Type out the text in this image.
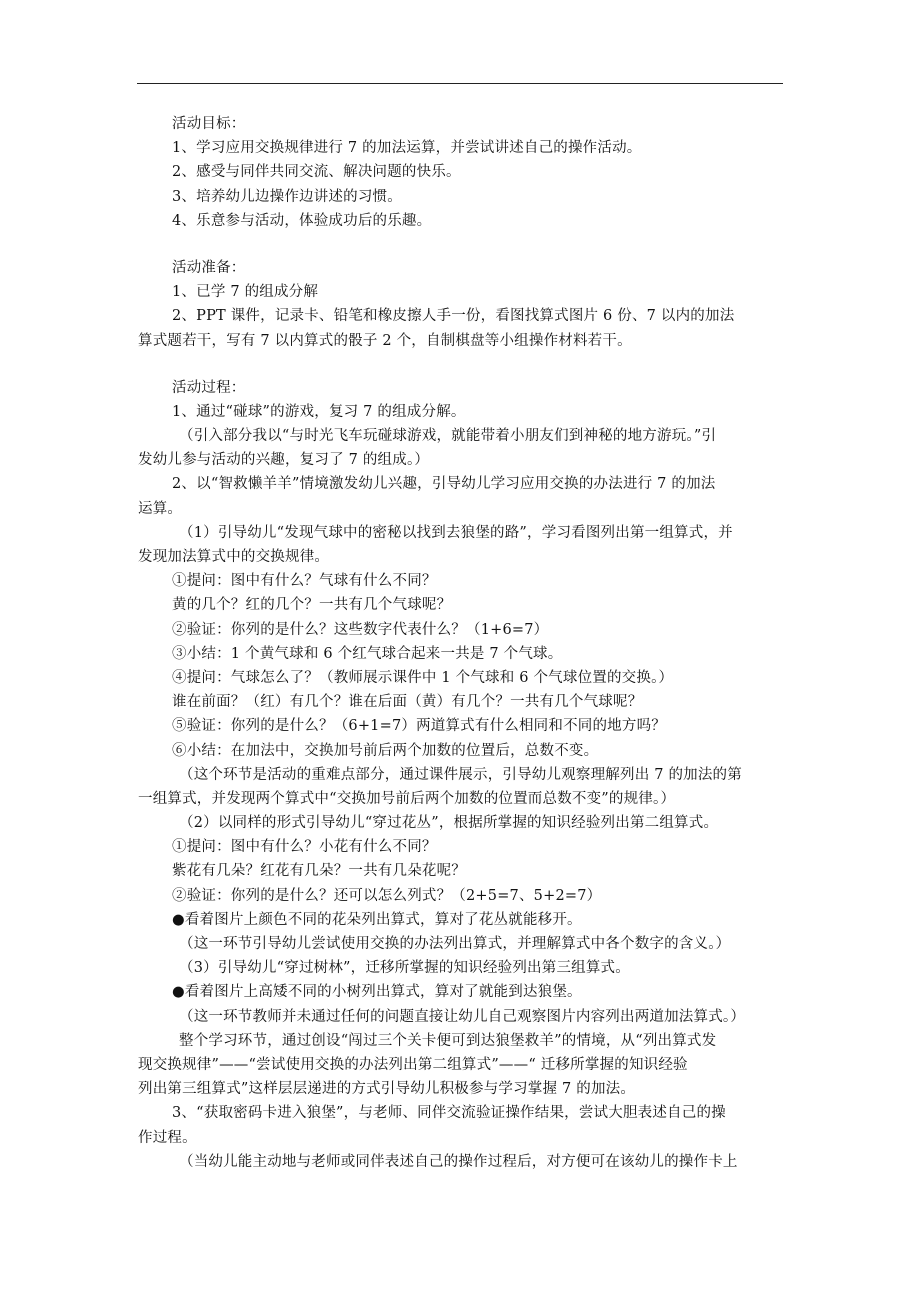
活动目标：
1、学习应用交换规律进行 7 的加法运算，并尝试讲述自己的操作活动。
2、感受与同伴共同交流、解决问题的快乐。
3、培养幼儿边操作边讲述的习惯。
4、乐意参与活动，体验成功后的乐趣。
活动准备：
1、已学 7 的组成分解
2、PPT 课件，记录卡、铅笔和橡皮擦人手一份，看图找算式图片 6 份、7 以内的加法
算式题若干，写有 7 以内算式的骰子 2 个，自制棋盘等小组操作材料若干。
活动过程：
1、通过“碰球”的游戏，复习 7 的组成分解。
（引入部分我以“与时光飞车玩碰球游戏，就能带着小朋友们到神秘的地方游玩。”引
发幼儿参与活动的兴趣，复习了 7 的组成。）
2、以“智救懒羊羊”情境激发幼儿兴趣，引导幼儿学习应用交换的办法进行 7 的加法
运算。
（1）引导幼儿“发现气球中的密秘以找到去狼堡的路”，学习看图列出第一组算式，并
发现加法算式中的交换规律。
①提问：图中有什么？气球有什么不同？
黄的几个？红的几个？一共有几个气球呢？
②验证：你列的是什么？这些数字代表什么？（1+6=7）
③小结：1 个黄气球和 6 个红气球合起来一共是 7 个气球。
④提问：气球怎么了？（教师展示课件中 1 个气球和 6 个气球位置的交换。）
谁在前面？（红）有几个？谁在后面（黄）有几个？一共有几个气球呢？
⑤验证：你列的是什么？（6+1=7）两道算式有什么相同和不同的地方吗？
⑥小结：在加法中，交换加号前后两个加数的位置后，总数不变。
（这个环节是活动的重难点部分，通过课件展示，引导幼儿观察理解列出 7 的加法的第
一组算式，并发现两个算式中“交换加号前后两个加数的位置而总数不变”的规律。）
（2）以同样的形式引导幼儿“穿过花丛”，根据所掌握的知识经验列出第二组算式。
①提问：图中有什么？小花有什么不同？
紫花有几朵？红花有几朵？一共有几朵花呢？
②验证：你列的是什么？还可以怎么列式？（2+5=7、5+2=7）
●看着图片上颜色不同的花朵列出算式，算对了花丛就能移开。
（这一环节引导幼儿尝试使用交换的办法列出算式，并理解算式中各个数字的含义。）
（3）引导幼儿“穿过树林”，迁移所掌握的知识经验列出第三组算式。
●看着图片上高矮不同的小树列出算式，算对了就能到达狼堡。
（这一环节教师并未通过任何的问题直接让幼儿自己观察图片内容列出两道加法算式。）
整个学习环节，通过创设“闯过三个关卡便可到达狼堡救羊”的情境，从“列出算式发
现交换规律”——“尝试使用交换的办法列出第二组算式”——“ 迁移所掌握的知识经验
列出第三组算式”这样层层递进的方式引导幼儿积极参与学习掌握 7 的加法。
3、“获取密码卡进入狼堡”，与老师、同伴交流验证操作结果，尝试大胆表述自己的操
作过程。
（当幼儿能主动地与老师或同伴表述自己的操作过程后，对方便可在该幼儿的操作卡上
